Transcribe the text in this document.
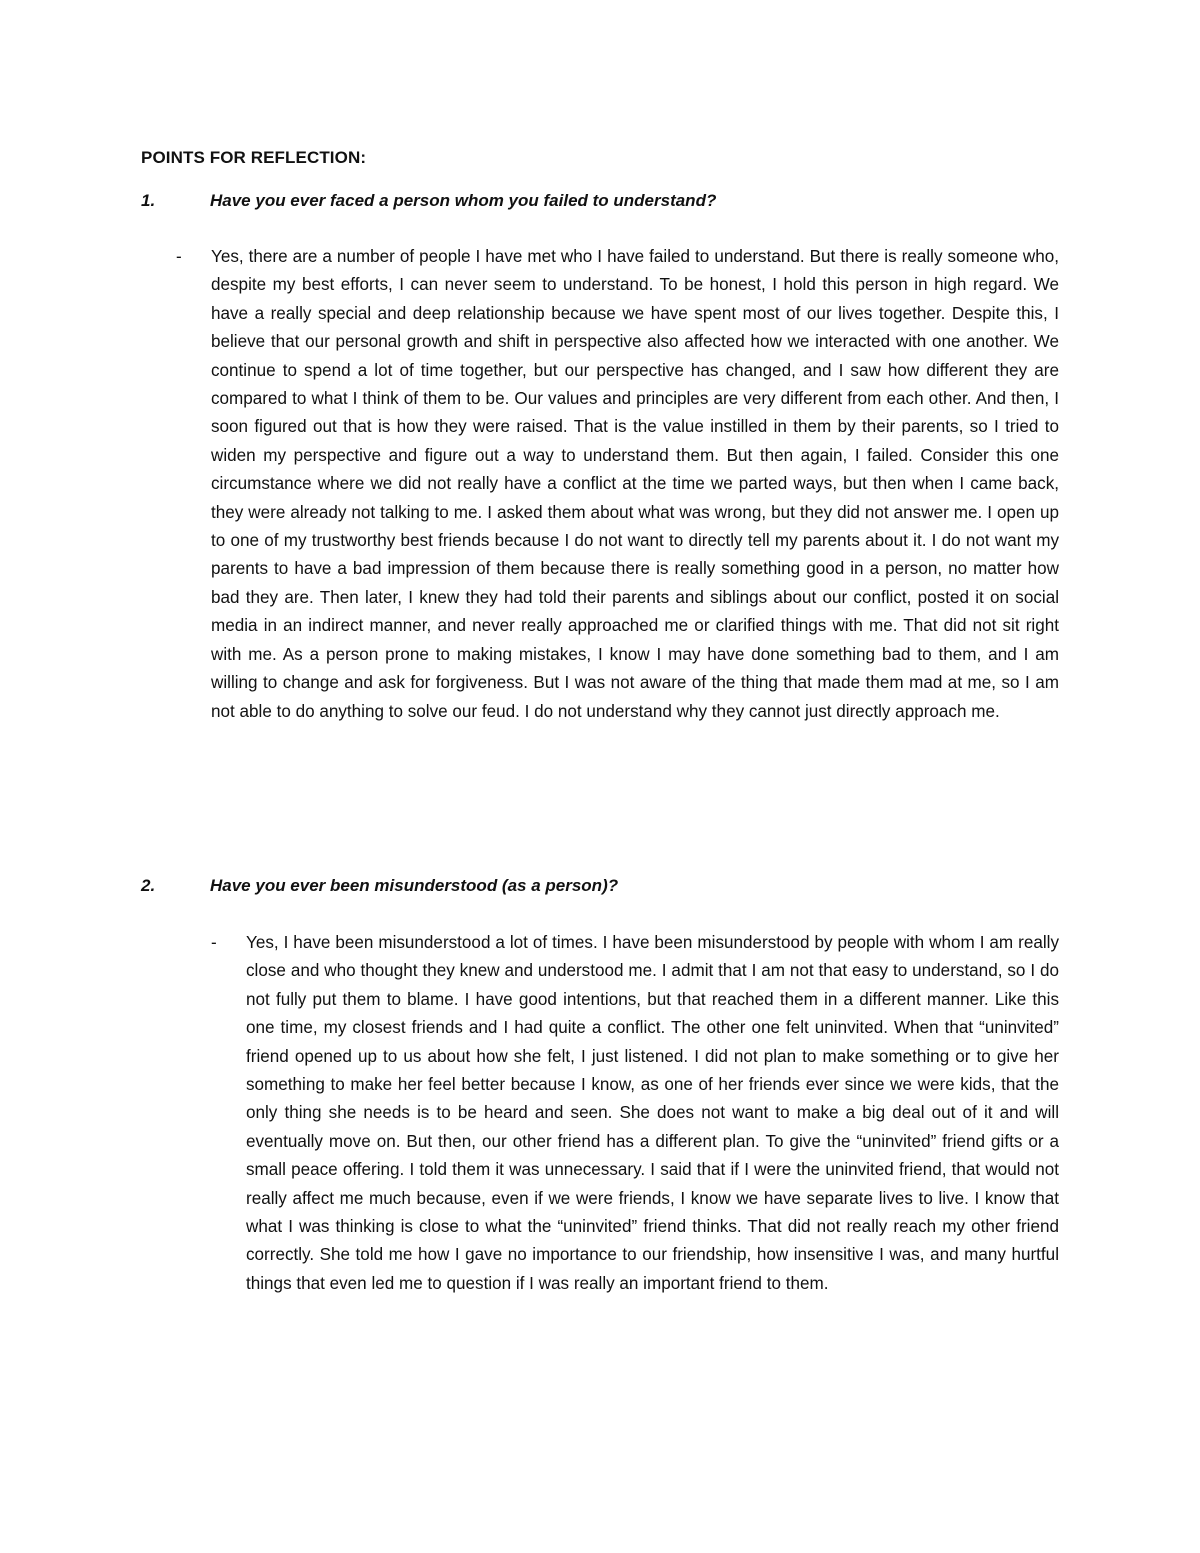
POINTS FOR REFLECTION:
1.	Have you ever faced a person whom you failed to understand?
- Yes, there are a number of people I have met who I have failed to understand. But there is really someone who, despite my best efforts, I can never seem to understand. To be honest, I hold this person in high regard. We have a really special and deep relationship because we have spent most of our lives together. Despite this, I believe that our personal growth and shift in perspective also affected how we interacted with one another. We continue to spend a lot of time together, but our perspective has changed, and I saw how different they are compared to what I think of them to be. Our values and principles are very different from each other. And then, I soon figured out that is how they were raised. That is the value instilled in them by their parents, so I tried to widen my perspective and figure out a way to understand them. But then again, I failed. Consider this one circumstance where we did not really have a conflict at the time we parted ways, but then when I came back, they were already not talking to me. I asked them about what was wrong, but they did not answer me. I open up to one of my trustworthy best friends because I do not want to directly tell my parents about it. I do not want my parents to have a bad impression of them because there is really something good in a person, no matter how bad they are. Then later, I knew they had told their parents and siblings about our conflict, posted it on social media in an indirect manner, and never really approached me or clarified things with me. That did not sit right with me. As a person prone to making mistakes, I know I may have done something bad to them, and I am willing to change and ask for forgiveness. But I was not aware of the thing that made them mad at me, so I am not able to do anything to solve our feud. I do not understand why they cannot just directly approach me.
2.	Have you ever been misunderstood (as a person)?
- Yes, I have been misunderstood a lot of times. I have been misunderstood by people with whom I am really close and who thought they knew and understood me. I admit that I am not that easy to understand, so I do not fully put them to blame. I have good intentions, but that reached them in a different manner. Like this one time, my closest friends and I had quite a conflict. The other one felt uninvited. When that “uninvited” friend opened up to us about how she felt, I just listened. I did not plan to make something or to give her something to make her feel better because I know, as one of her friends ever since we were kids, that the only thing she needs is to be heard and seen. She does not want to make a big deal out of it and will eventually move on. But then, our other friend has a different plan. To give the “uninvited” friend gifts or a small peace offering. I told them it was unnecessary. I said that if I were the uninvited friend, that would not really affect me much because, even if we were friends, I know we have separate lives to live. I know that what I was thinking is close to what the “uninvited” friend thinks. That did not really reach my other friend correctly. She told me how I gave no importance to our friendship, how insensitive I was, and many hurtful things that even led me to question if I was really an important friend to them.
